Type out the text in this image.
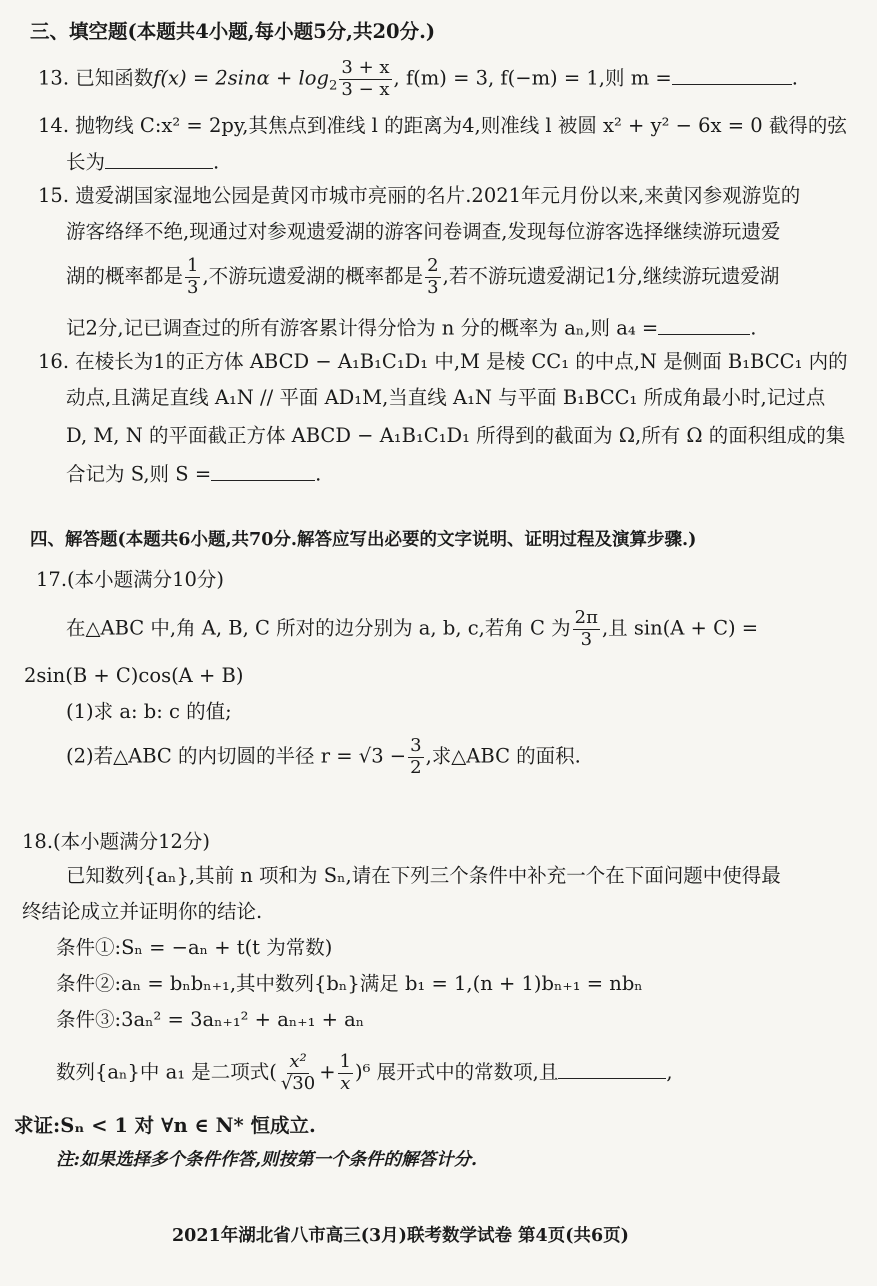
三、填空题(本题共4小题,每小题5分,共20分.)
13. 已知函数$f(x) = 2\sin\alpha + \log_2 \frac{3 + x}{3 - x}$ , f(m) = 3, f(−m) = 1,则 m =	.
14. 抛物线 C:x² = 2py,其焦点到准线 l 的距离为4,则准线 l 被圆 x² + y² − 6x = 0 截得的弦
长为	.
15. 遗爱湖国家湿地公园是黄冈市城市亮丽的名片.2021年元月份以来,来黄冈参观游览的
游客络绎不绝,现通过对参观遗爱湖的游客问卷调查,发现每位游客选择继续游玩遗爱
湖的概率都是 $\frac{1}{3}$ ,不游玩遗爱湖的概率都是 $\frac{2}{3}$ ,若不游玩遗爱湖记1分,继续游玩遗爱湖
记2分,记已调查过的所有游客累计得分恰为 n 分的概率为 aₙ,则 a₄ =	.
16. 在棱长为1的正方体 ABCD − A₁B₁C₁D₁ 中,M 是棱 CC₁ 的中点,N 是侧面 B₁BCC₁ 内的
动点,且满足直线 A₁N // 平面 AD₁M,当直线 A₁N 与平面 B₁BCC₁ 所成角最小时,记过点
D, M, N 的平面截正方体 ABCD − A₁B₁C₁D₁ 所得到的截面为 Ω,所有 Ω 的面积组成的集
合记为 S,则 S =	.
四、解答题(本题共6小题,共70分.解答应写出必要的文字说明、证明过程及演算步骤.)
17.(本小题满分10分)
在△ABC 中,角 A, B, C 所对的边分别为 a, b, c,若角 C 为 $\frac{2\pi}{3}$ ,且 sin(A + C) =
2sin(B + C)cos(A + B)
(1)求 a: b: c 的值;
(2)若△ABC 的内切圆的半径 $r = √3 - \frac{3}{2}$ ,求△ABC 的面积.
18.(本小题满分12分)
已知数列{aₙ},其前 n 项和为 Sₙ,请在下列三个条件中补充一个在下面问题中使得最
终结论成立并证明你的结论.
条件①:Sₙ = −aₙ + t(t 为常数)
条件②:aₙ = bₙbₙ₊₁,其中数列{bₙ}满足 b₁ = 1,(n + 1)bₙ₊₁ = nbₙ
条件③:3aₙ² = 3aₙ₊₁² + aₙ₊₁ + aₙ
数列{aₙ}中 a₁ 是二项式( $\frac{\text{x²}}{√30} + \frac{1}{x} )^6$ 展开式中的常数项,且	,
求证:Sₙ < 1 对 ∀n ∈ N* 恒成立.
注:如果选择多个条件作答,则按第一个条件的解答计分.
2021年湖北省八市高三(3月)联考数学试卷 第4页(共6页)
